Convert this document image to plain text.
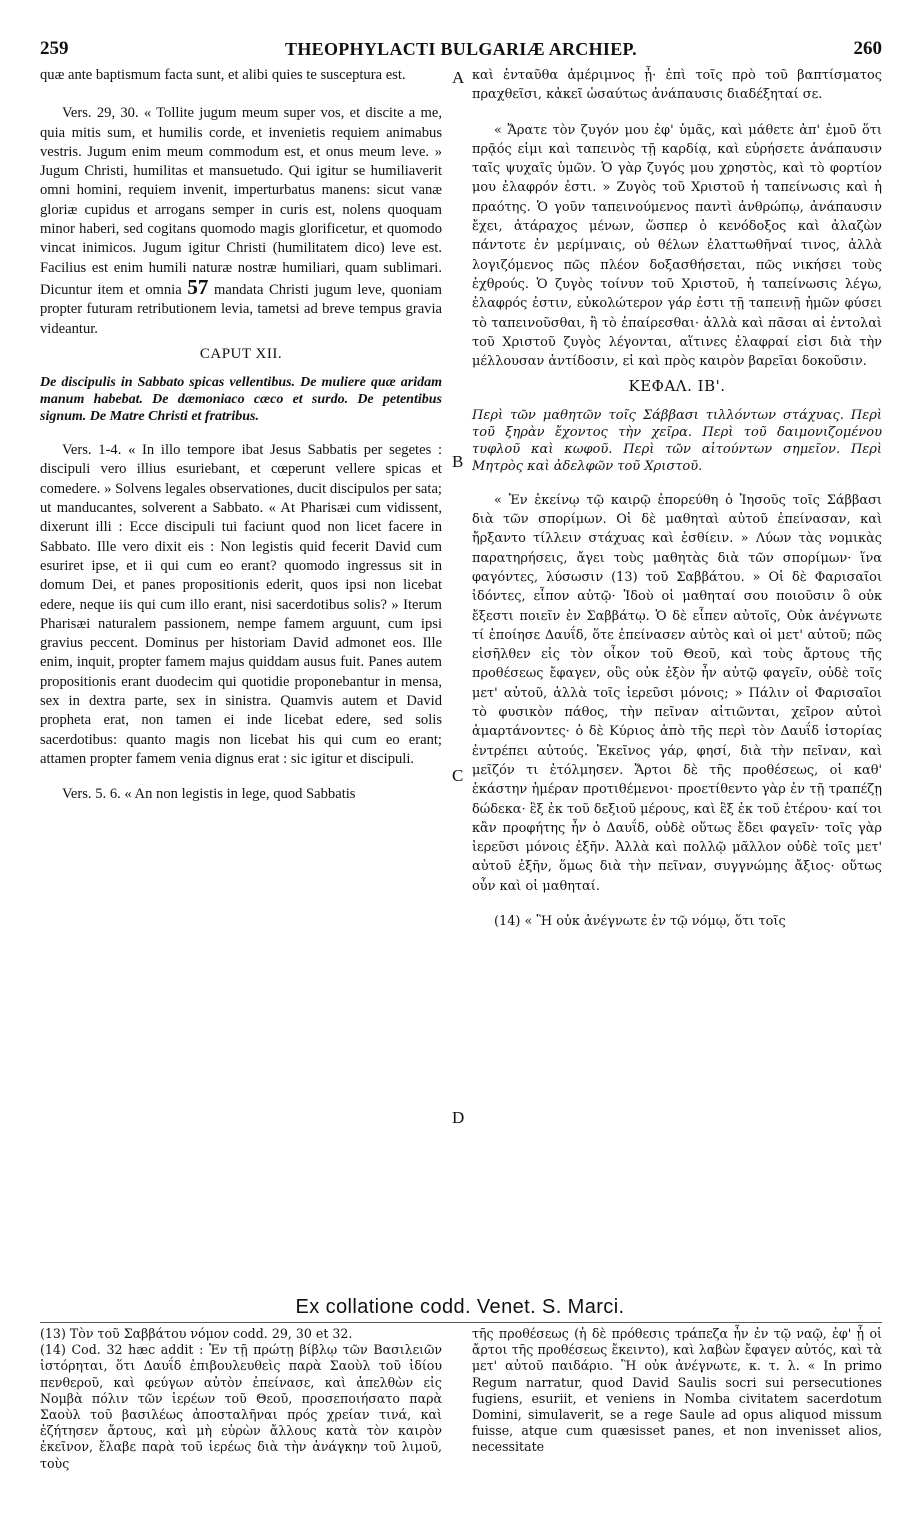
259	THEOPHYLACTI BULGARIÆ ARCHIEP.	260
A
B
C
D

quæ ante baptismum facta sunt, et alibi quies te susceptura est.

Vers. 29, 30. « Tollite jugum meum super vos, et discite a me, quia mitis sum, et humilis corde, et invenietis requiem animabus vestris. Jugum enim meum commodum est, et onus meum leve. » Jugum Christi, humilitas et mansuetudo. Qui igitur se humiliaverit omni homini, requiem invenit, imperturbatus manens: sicut vanæ gloriæ cupidus et arrogans semper in curis est, nolens quoquam minor haberi, sed cogitans quomodo magis glorificetur, et quomodo vincat inimicos. Jugum igitur Christi (humilitatem dico) leve est. Facilius est enim humili naturæ nostræ humiliari, quam sublimari. Dicuntur item et omnia 57 mandata Christi jugum leve, quoniam propter futuram retributionem levia, tametsi ad breve tempus gravia videantur.

CAPUT XII.

De discipulis in Sabbato spicas vellentibus. De muliere quæ aridam manum habebat. De dæmoniaco cæco et surdo. De petentibus signum. De Matre Christi et fratribus.

Vers. 1-4. « In illo tempore ibat Jesus Sabbatis per segetes : discipuli vero illius esuriebant, et cœperunt vellere spicas et comedere. » Solvens legales observationes, ducit discipulos per sata; ut manducantes, solverent a Sabbato. « At Pharisæi cum vidissent, dixerunt illi : Ecce discipuli tui faciunt quod non licet facere in Sabbato. Ille vero dixit eis : Non legistis quid fecerit David cum esuriret ipse, et ii qui cum eo erant? quomodo ingressus sit in domum Dei, et panes propositionis ederit, quos ipsi non licebat edere, neque iis qui cum illo erant, nisi sacerdotibus solis? » Iterum Pharisæi naturalem passionem, nempe famem arguunt, cum ipsi gravius peccent. Dominus per historiam David admonet eos. Ille enim, inquit, propter famem majus quiddam ausus fuit. Panes autem propositionis erant duodecim qui quotidie proponebantur in mensa, sex in dextra parte, sex in sinistra. Quamvis autem et David propheta erat, non tamen ei inde licebat edere, sed solis sacerdotibus: quanto magis non licebat his qui cum eo erant; attamen propter famem venia dignus erat : sic igitur et discipuli.

Vers. 5. 6. « An non legistis in lege, quod Sabbatis

καὶ ἐνταῦθα ἀμέριμνος ᾖ· ἐπὶ τοῖς πρὸ τοῦ βαπτίσματος πραχθεῖσι, κἀκεῖ ὡσαύτως ἀνάπαυσις διαδέξηταί σε.

« Ἄρατε τὸν ζυγόν μου ἐφ' ὑμᾶς, καὶ μάθετε ἀπ' ἐμοῦ ὅτι πρᾷός εἰμι καὶ ταπεινὸς τῇ καρδίᾳ, καὶ εὑρήσετε ἀνάπαυσιν ταῖς ψυχαῖς ὑμῶν. Ὁ γὰρ ζυγός μου χρηστὸς, καὶ τὸ φορτίον μου ἐλαφρόν ἐστι. » Ζυγὸς τοῦ Χριστοῦ ἡ ταπείνωσις καὶ ἡ πραότης. Ὁ γοῦν ταπεινούμενος παντὶ ἀνθρώπῳ, ἀνάπαυσιν ἔχει, ἀτάραχος μένων, ὥσπερ ὁ κενόδοξος καὶ ἀλαζὼν πάντοτε ἐν μερίμναις, οὐ θέλων ἐλαττωθῆναί τινος, ἀλλὰ λογιζόμενος πῶς πλέον δοξασθήσεται, πῶς νικήσει τοὺς ἐχθρούς. Ὁ ζυγὸς τοίνυν τοῦ Χριστοῦ, ἡ ταπείνωσις λέγω, ἐλαφρός ἐστιν, εὐκολώτερον γάρ ἐστι τῇ ταπεινῇ ἡμῶν φύσει τὸ ταπεινοῦσθαι, ἢ τὸ ἐπαίρεσθαι· ἀλλὰ καὶ πᾶσαι αἱ ἐντολαὶ τοῦ Χριστοῦ ζυγὸς λέγονται, αἵτινες ἐλαφραί εἰσι διὰ τὴν μέλλουσαν ἀντίδοσιν, εἰ καὶ πρὸς καιρὸν βαρεῖαι δοκοῦσιν.

ΚΕΦΑΛ. ΙΒ'.

Περὶ τῶν μαθητῶν τοῖς Σάββασι τιλλόντων στάχυας. Περὶ τοῦ ξηρὰν ἔχοντος τὴν χεῖρα. Περὶ τοῦ δαιμονιζομένου τυφλοῦ καὶ κωφοῦ. Περὶ τῶν αἰτούντων σημεῖον. Περὶ Μητρὸς καὶ ἀδελφῶν τοῦ Χριστοῦ.

« Ἐν ἐκείνῳ τῷ καιρῷ ἐπορεύθη ὁ Ἰησοῦς τοῖς Σάββασι διὰ τῶν σπορίμων. Οἱ δὲ μαθηταὶ αὐτοῦ ἐπείνασαν, καὶ ἤρξαντο τίλλειν στάχυας καὶ ἐσθίειν. » Λύων τὰς νομικὰς παρατηρήσεις, ἄγει τοὺς μαθητὰς διὰ τῶν σπορίμων· ἵνα φαγόντες, λύσωσιν (13) τοῦ Σαββάτου. » Οἱ δὲ Φαρισαῖοι ἰδόντες, εἶπον αὐτῷ· Ἰδοὺ οἱ μαθηταί σου ποιοῦσιν ὃ οὐκ ἔξεστι ποιεῖν ἐν Σαββάτῳ. Ὁ δὲ εἶπεν αὐτοῖς, Οὐκ ἀνέγνωτε τί ἐποίησε Δαυΐδ, ὅτε ἐπείνασεν αὐτὸς καὶ οἱ μετ' αὐτοῦ; πῶς εἰσῆλθεν εἰς τὸν οἶκον τοῦ Θεοῦ, καὶ τοὺς ἄρτους τῆς προθέσεως ἔφαγεν, οὓς οὐκ ἐξὸν ἦν αὐτῷ φαγεῖν, οὐδὲ τοῖς μετ' αὐτοῦ, ἀλλὰ τοῖς ἱερεῦσι μόνοις; » Πάλιν οἱ Φαρισαῖοι τὸ φυσικὸν πάθος, τὴν πεῖναν αἰτιῶνται, χεῖρον αὐτοὶ ἁμαρτάνοντες· ὁ δὲ Κύριος ἀπὸ τῆς περὶ τὸν Δαυΐδ ἱστορίας ἐντρέπει αὐτούς. Ἐκεῖνος γάρ, φησί, διὰ τὴν πεῖναν, καὶ μεῖζόν τι ἐτόλμησεν. Ἄρτοι δὲ τῆς προθέσεως, οἱ καθ' ἑκάστην ἡμέραν προτιθέμενοι· προετίθεντο γὰρ ἐν τῇ τραπέζῃ δώδεκα· ἓξ ἐκ τοῦ δεξιοῦ μέρους, καὶ ἓξ ἐκ τοῦ ἑτέρου· καί τοι κἂν προφήτης ἦν ὁ Δαυΐδ, οὐδὲ οὕτως ἔδει φαγεῖν· τοῖς γὰρ ἱερεῦσι μόνοις ἐξῆν. Ἀλλὰ καὶ πολλῷ μᾶλλον οὐδὲ τοῖς μετ' αὐτοῦ ἐξῆν, ὅμως διὰ τὴν πεῖναν, συγγνώμης ἄξιος· οὕτως οὖν καὶ οἱ μαθηταί.

(14) « Ἢ οὐκ ἀνέγνωτε ἐν τῷ νόμῳ, ὅτι τοῖς

Ex collatione codd. Venet. S. Marci.

(13) Τὸν τοῦ Σαββάτου νόμον codd. 29, 30 et 32.

(14) Cod. 32 hæc addit : Ἐν τῇ πρώτῃ βίβλῳ τῶν Βασιλειῶν ἱστόρηται, ὅτι Δαυΐδ ἐπιβουλευθεὶς παρὰ Σαοὺλ τοῦ ἰδίου πενθεροῦ, καὶ φεύγων αὐτὸν ἐπείνασε, καὶ ἀπελθὼν εἰς Νομβὰ πόλιν τῶν ἱερέων τοῦ Θεοῦ, προσεποιήσατο παρὰ Σαοὺλ τοῦ βασιλέως ἀποσταλῆναι πρός χρείαν τινά, καὶ ἐζήτησεν ἄρτους, καὶ μὴ εὑρὼν ἄλλους κατὰ τὸν καιρὸν ἐκεῖνον, ἔλαβε παρὰ τοῦ ἱερέως διὰ τὴν ἀνάγκην τοῦ λιμοῦ, τοὺς

τῆς προθέσεως (ἡ δὲ πρόθεσις τράπεζα ἦν ἐν τῷ ναῷ, ἐφ' ᾗ οἱ ἄρτοι τῆς προθέσεως ἔκειντο), καὶ λαβὼν ἔφαγεν αὐτός, καὶ τὰ μετ' αὐτοῦ παιδάριο. Ἢ οὐκ ἀνέγνωτε, κ. τ. λ. « In primo Regum narratur, quod David Saulis socri sui persecutiones fugiens, esuriit, et veniens in Nomba civitatem sacerdotum Domini, simulaverit, se a rege Saule ad opus aliquod missum fuisse, atque cum quæsisset panes, et non invenisset alios, necessitate
